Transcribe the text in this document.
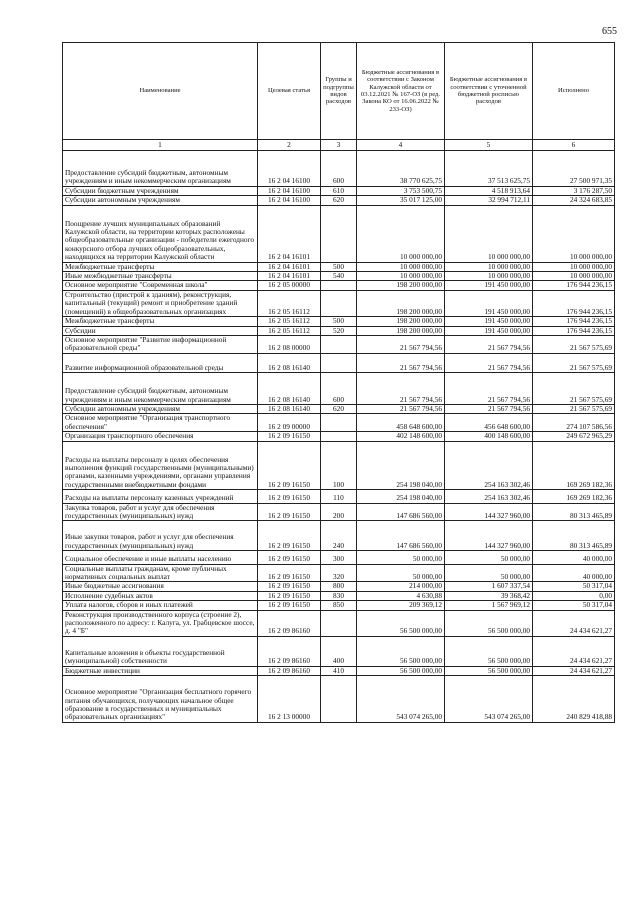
655
Наименование	Целевая статья	Группы и подгруппы видов расходов	Бюджетные ассигнования в соответствии с Законом Калужской области от 03.12.2021 № 167-ОЗ (в ред. Закона КО от 16.06.2022 № 233-ОЗ)	Бюджетные ассигнования в соответствии с уточненной бюджетной росписью расходов	Исполнено
1	2	3	4	5	6
Предоставление субсидий бюджетным, автономным учреждениям и иным некоммерческим организациям	16 2 04 16100	600	38 770 625,75	37 513 625,75	27 500 971,35
Субсидии бюджетным учреждениям	16 2 04 16100	610	3 753 500,75	4 518 913,64	3 176 287,50
Субсидии автономным учреждениям	16 2 04 16100	620	35 017 125,00	32 994 712,11	24 324 683,85
Поощрение лучших муниципальных образований Калужской области, на территории которых расположены общеобразовательные организации - победители ежегодного конкурсного отбора лучших общеобразовательных, находящихся на территории Калужской области	16 2 04 16101		10 000 000,00	10 000 000,00	10 000 000,00
Межбюджетные трансферты	16 2 04 16101	500	10 000 000,00	10 000 000,00	10 000 000,00
Иные межбюджетные трансферты	16 2 04 16101	540	10 000 000,00	10 000 000,00	10 000 000,00
Основное мероприятие "Современная школа"	16 2 05 00000		198 200 000,00	191 450 000,00	176 944 236,15
Строительство (пристрой к зданиям), реконструкция, капитальный (текущий) ремонт и приобретение зданий (помещений) в общеобразовательных организациях	16 2 05 16112		198 200 000,00	191 450 000,00	176 944 236,15
Межбюджетные трансферты	16 2 05 16112	500	198 200 000,00	191 450 000,00	176 944 236,15
Субсидии	16 2 05 16112	520	198 200 000,00	191 450 000,00	176 944 236,15
Основное мероприятие "Развитие информационной образовательной среды"	16 2 08 00000		21 567 794,56	21 567 794,56	21 567 575,69
Развитие информационной образовательной среды	16 2 08 16140		21 567 794,56	21 567 794,56	21 567 575,69
Предоставление субсидий бюджетным, автономным учреждениям и иным некоммерческим организациям	16 2 08 16140	600	21 567 794,56	21 567 794,56	21 567 575,69
Субсидии автономным учреждениям	16 2 08 16140	620	21 567 794,56	21 567 794,56	21 567 575,69
Основное мероприятие "Организация транспортного обеспечения"	16 2 09 00000		458 648 600,00	456 648 600,00	274 107 586,56
Организация транспортного обеспечения	16 2 09 16150		402 148 600,00	400 148 600,00	249 672 965,29
Расходы на выплаты персоналу в целях обеспечения выполнения функций государственными (муниципальными) органами, казенными учреждениями, органами управления государственными внебюджетными фондами	16 2 09 16150	100	254 198 040,00	254 163 302,46	169 269 182,36
Расходы на выплаты персоналу казенных учреждений	16 2 09 16150	110	254 198 040,00	254 163 302,46	169 269 182,36
Закупка товаров, работ и услуг для обеспечения государственных (муниципальных) нужд	16 2 09 16150	200	147 686 560,00	144 327 960,00	80 313 465,89
Иные закупки товаров, работ и услуг для обеспечения государственных (муниципальных) нужд	16 2 09 16150	240	147 686 560,00	144 327 960,00	80 313 465,89
Социальное обеспечение и иные выплаты населению	16 2 09 16150	300	50 000,00	50 000,00	40 000,00
Социальные выплаты гражданам, кроме публичных нормативных социальных выплат	16 2 09 16150	320	50 000,00	50 000,00	40 000,00
Иные бюджетные ассигнования	16 2 09 16150	800	214 000,00	1 607 337,54	50 317,04
Исполнение судебных актов	16 2 09 16150	830	4 630,88	39 368,42	0,00
Уплата налогов, сборов и иных платежей	16 2 09 16150	850	209 369,12	1 567 969,12	50 317,04
Реконструкция производственного корпуса (строение 2), расположенного по адресу: г. Калуга, ул. Грабцевское шоссе, д. 4 "Б"	16 2 09 86160		56 500 000,00	56 500 000,00	24 434 621,27
Капитальные вложения в объекты государственной (муниципальной) собственности	16 2 09 86160	400	56 500 000,00	56 500 000,00	24 434 621,27
Бюджетные инвестиции	16 2 09 86160	410	56 500 000,00	56 500 000,00	24 434 621,27
Основное мероприятие "Организация бесплатного горячего питания обучающихся, получающих начальное общее образование в государственных и муниципальных образовательных организациях"	16 2 13 00000		543 074 265,00	543 074 265,00	240 829 418,88
